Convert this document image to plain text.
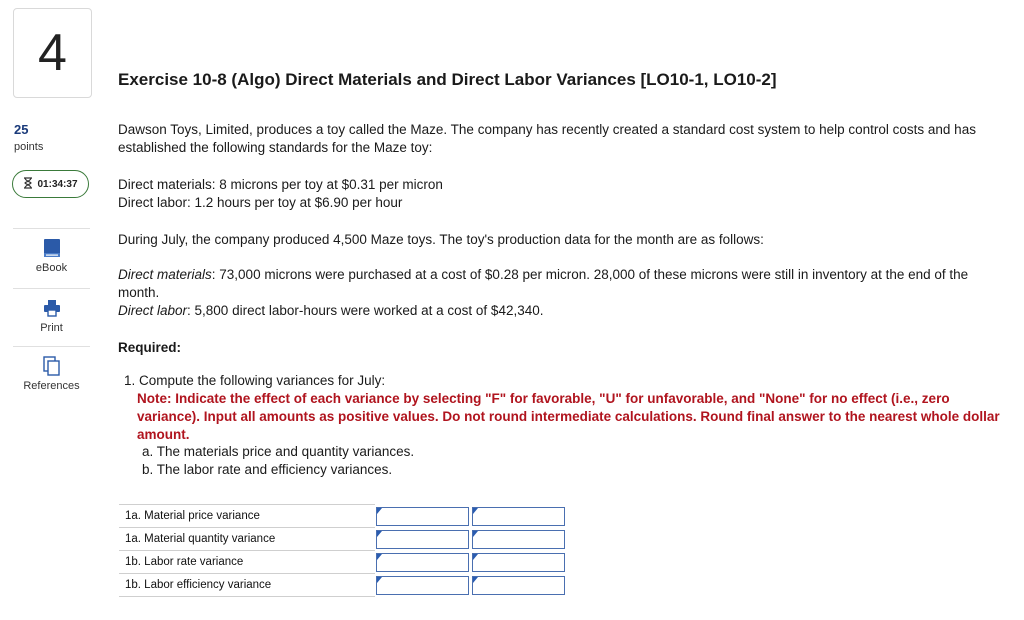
4
25
points
01:34:37
eBook
Print
References
Exercise 10-8 (Algo) Direct Materials and Direct Labor Variances [LO10-1, LO10-2]
Dawson Toys, Limited, produces a toy called the Maze. The company has recently created a standard cost system to help control costs and has established the following standards for the Maze toy:
Direct materials: 8 microns per toy at $0.31 per micron
Direct labor: 1.2 hours per toy at $6.90 per hour
During July, the company produced 4,500 Maze toys. The toy's production data for the month are as follows:
Direct materials: 73,000 microns were purchased at a cost of $0.28 per micron. 28,000 of these microns were still in inventory at the end of the month.
Direct labor: 5,800 direct labor-hours were worked at a cost of $42,340.
Required:
1. Compute the following variances for July:
Note: Indicate the effect of each variance by selecting "F" for favorable, "U" for unfavorable, and "None" for no effect (i.e., zero variance). Input all amounts as positive values. Do not round intermediate calculations. Round final answer to the nearest whole dollar amount.
a. The materials price and quantity variances.
b. The labor rate and efficiency variances.
1a. Material price variance	

1a. Material quantity variance	

1b. Labor rate variance	

1b. Labor efficiency variance	
